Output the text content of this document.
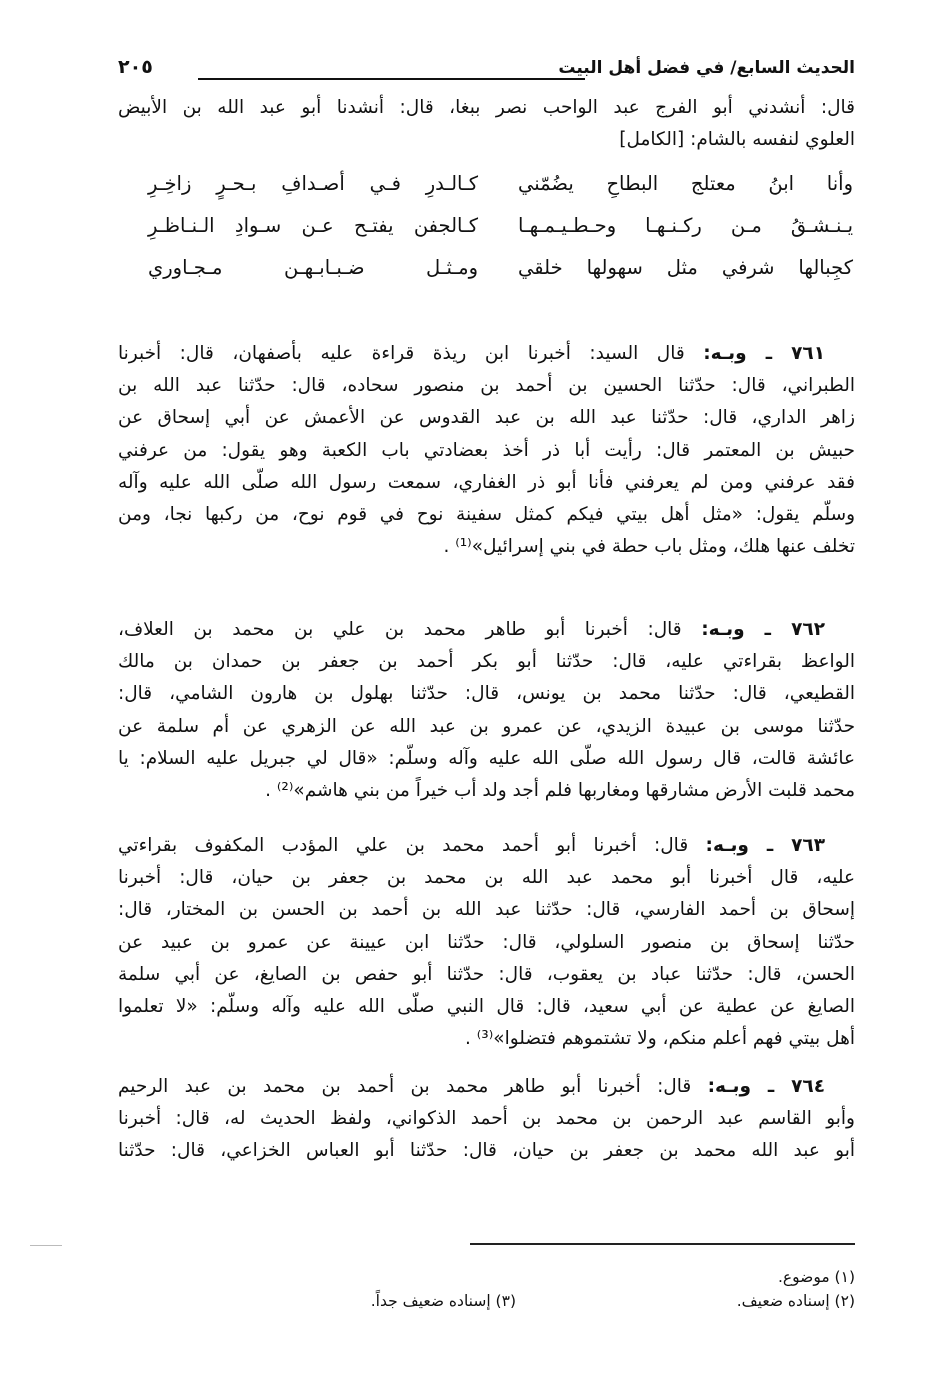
الحديث السابع/ في فضل أهل البيت
٢٠٥
قال: أنشدني أبو الفرج عبد الواحب نصر ببغا، قال: أنشدنا أبو عبد الله بن الأبيض
العلوي لنفسه بالشام: [الكامل]
وأنا ابنُ معتلج البطاحِ يضُمّني
كـالـدرِ فـي أصـدافِ بـحـرٍ زاخِـرِ
يـنـشـقُ مـن ركـنـهـا وحـطـيـمـهـا
كـالجفن يفتـح عـن سـوادِ الـنـاظـرِ
كجِبالها شرفي مثل سهولها خلقي
ومـثـل ضـبـابـهـن مـجـاوري
٧٦١ ـ وبـه: قال السيد: أخبرنا ابن ريذة قراءة عليه بأصفهان، قال: أخبرنا
الطبراني، قال: حدّثنا الحسين بن أحمد بن منصور سحاده، قال: حدّثنا عبد الله بن
زاهر الداري، قال: حدّثنا عبد الله بن عبد القدوس عن الأعمش عن أبي إسحاق عن
حبيش بن المعتمر قال: رأيت أبا ذر أخذ بعضادتي باب الكعبة وهو يقول: من عرفني
فقد عرفني ومن لم يعرفني فأنا أبو ذر الغفاري، سمعت رسول الله صلّى الله عليه وآله
وسلّم يقول: «مثل أهل بيتي فيكم كمثل سفينة نوح في قوم نوح، من ركبها نجا، ومن
تخلف عنها هلك، ومثل باب حطة في بني إسرائيل»⁽¹⁾ .
٧٦٢ ـ وبـه: قال: أخبرنا أبو طاهر محمد بن علي بن محمد بن العلاف،
الواعظ بقراءتي عليه، قال: حدّثنا أبو بكر أحمد بن جعفر بن حمدان بن مالك
القطيعي، قال: حدّثنا محمد بن يونس، قال: حدّثنا بهلول بن هارون الشامي، قال:
حدّثنا موسى بن عبيدة الزيدي، عن عمرو بن عبد الله عن الزهري عن أم سلمة عن
عائشة قالت، قال رسول الله صلّى الله عليه وآله وسلّم: «قال لي جبريل عليه السلام: يا
محمد قلبت الأرض مشارقها ومغاربها فلم أجد ولد أب خيراً من بني هاشم»⁽²⁾ .
٧٦٣ ـ وبـه: قال: أخبرنا أبو أحمد محمد بن علي المؤدب المكفوف بقراءتي
عليه، قال أخبرنا أبو محمد عبد الله بن محمد بن جعفر بن حيان، قال: أخبرنا
إسحاق بن أحمد الفارسي، قال: حدّثنا عبد الله بن أحمد بن الحسن بن المختار، قال:
حدّثنا إسحاق بن منصور السلولي، قال: حدّثنا ابن عيينة عن عمرو بن عبيد عن
الحسن، قال: حدّثنا عباد بن يعقوب، قال: حدّثنا أبو حفص بن الصايغ، عن أبي سلمة
الصايغ عن عطية عن أبي سعيد، قال: قال النبي صلّى الله عليه وآله وسلّم: «لا تعلموا
أهل بيتي فهم أعلم منكم، ولا تشتموهم فتضلوا»⁽³⁾ .
٧٦٤ ـ وبـه: قال: أخبرنا أبو طاهر محمد بن أحمد بن محمد بن عبد الرحيم
وأبو القاسم عبد الرحمن بن محمد بن أحمد الذكواني، ولفظ الحديث له، قال: أخبرنا
أبو عبد الله محمد بن جعفر بن حيان، قال: حدّثنا أبو العباس الخزاعي، قال: حدّثنا
(١) موضوع.
(٢) إسناده ضعيف.
(٣) إسناده ضعيف جداً.
